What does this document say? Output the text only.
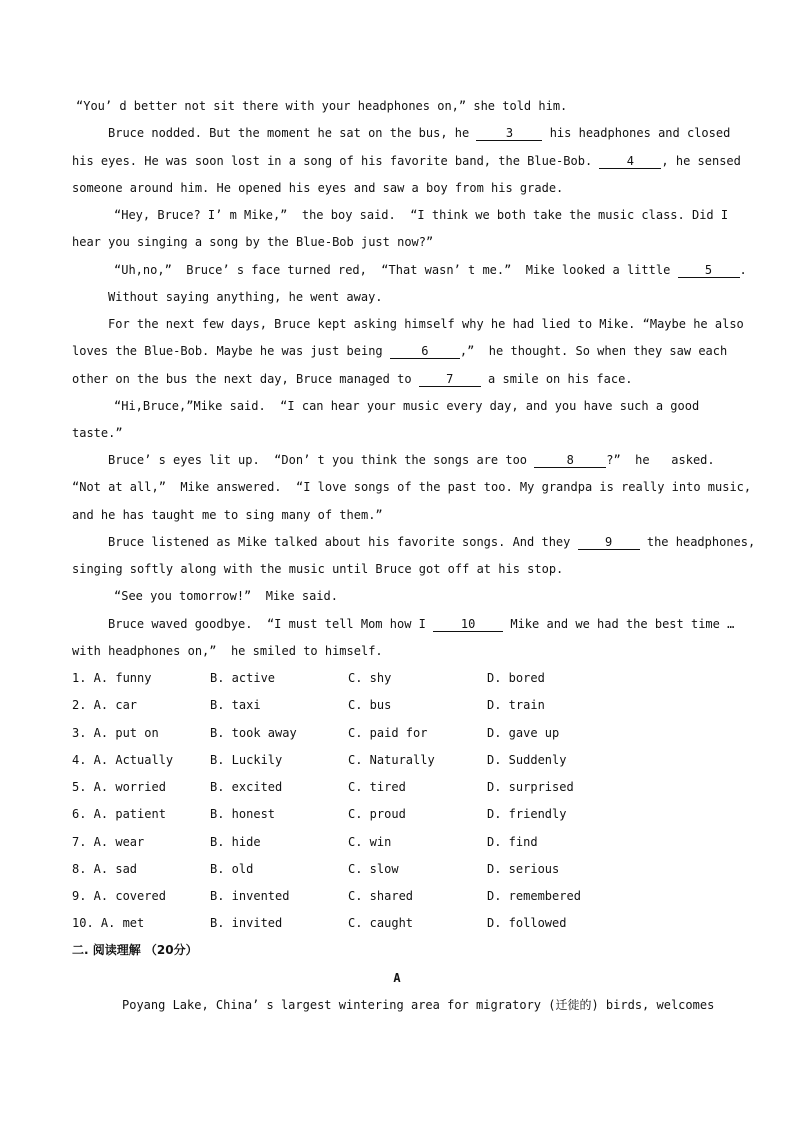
“You’ d better not sit there with your headphones on,” she told him.
Bruce nodded. But the moment he sat on the bus, he	3	his headphones and closed
his eyes. He was soon lost in a song of his favorite band, the Blue-Bob.	4 , he sensed
someone around him. He opened his eyes and saw a boy from his grade.
“Hey, Bruce? I’ m Mike,”  the boy said.  “I think we both take the music class. Did I
hear you singing a song by the Blue-Bob just now?”
“Uh,no,”  Bruce’ s face turned red,  “That wasn’ t me.”  Mike looked a little	5 .
Without saying anything, he went away.
For the next few days, Bruce kept asking himself why he had lied to Mike. “Maybe he also
loves the Blue-Bob. Maybe he was just being	6	,”  he thought. So when they saw each
other on the bus the next day, Bruce managed to	7	a smile on his face.
“Hi,Bruce,”Mike said.  “I can hear your music every day, and you have such a good
taste.”
Bruce’ s eyes lit up.  “Don’ t you think the songs are too	8	?”  he   asked.
“Not at all,”  Mike answered.  “I love songs of the past too. My grandpa is really into music,
and he has taught me to sing many of them.”
Bruce listened as Mike talked about his favorite songs. And they	9	the headphones,
singing softly along with the music until Bruce got off at his stop.
“See you tomorrow!”  Mike said.
Bruce waved goodbye.  “I must tell Mom how I	10	Mike and we had the best time …
with headphones on,”  he smiled to himself.
1. A. funny	B. active	C. shy	D. bored
2. A. car	B. taxi	C. bus	D. train
3. A. put on	B. took away	C. paid for	D. gave up
4. A. Actually	B. Luckily	C. Naturally	D. Suddenly
5. A. worried	B. excited	C. tired	D. surprised
6. A. patient	B. honest	C. proud	D. friendly
7. A. wear	B. hide	C. win	D. find
8. A. sad	B. old	C. slow	D. serious
9. A. covered	B. invented	C. shared	D. remembered
10. A. met	B. invited	C. caught	D. followed
二. 阅读理解 （20分）
A
Poyang Lake, China’ s largest wintering area for migratory (迁徙的) birds, welcomes
